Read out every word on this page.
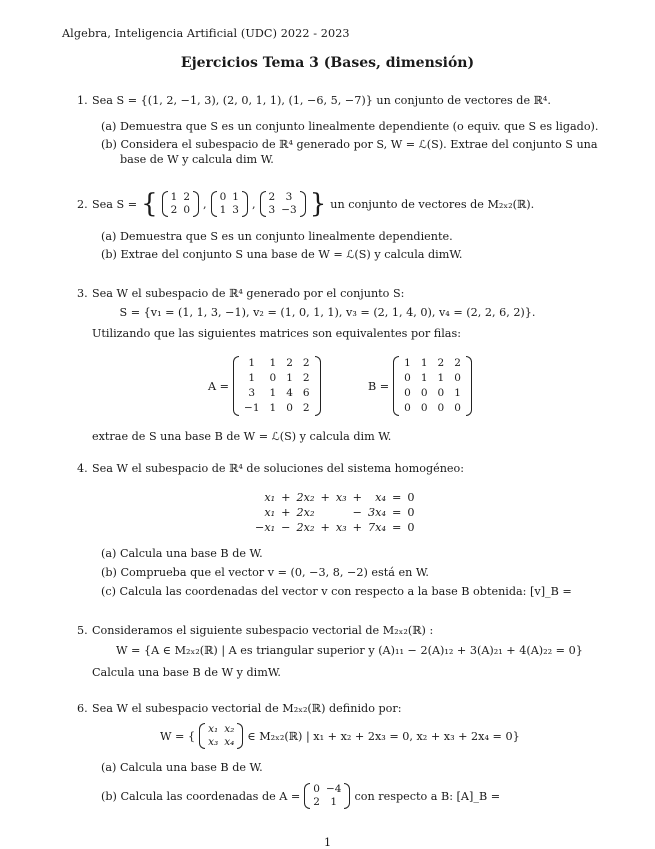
Algebra, Inteligencia Artificial (UDC) 2022 - 2023
Ejercicios Tema 3 (Bases, dimensión)
1. Sea S = {(1, 2, −1, 3), (2, 0, 1, 1), (1, −6, 5, −7)} un conjunto de vectores de ℝ⁴.
(a) Demuestra que S es un conjunto linealmente dependiente (o equiv. que S es ligado).
(b) Considera el subespacio de ℝ⁴ generado por S, W = ℒ(S). Extrae del conjunto S una
base de W y calcula dim W.
2. Sea S = { 1	2
2	0 ,
0	1
1	3 ,
2	3
3	−3 } un conjunto de vectores de M₂ₓ₂(ℝ).
(a) Demuestra que S es un conjunto linealmente dependiente.
(b) Extrae del conjunto S una base de W = ℒ(S) y calcula dimW.
3. Sea W el subespacio de ℝ⁴ generado por el conjunto S:
S = {v₁ = (1, 1, 3, −1), v₂ = (1, 0, 1, 1), v₃ = (2, 1, 4, 0), v₄ = (2, 2, 6, 2)}.
Utilizando que las siguientes matrices son equivalentes por filas:
A =
1	1	2	2
1	0	1	2
3	1	4	6
−1	1	0	2
B =
1	1	2	2
0	1	1	0
0	0	0	1
0	0	0	0
extrae de S una base B de W = ℒ(S) y calcula dim W.
4. Sea W el subespacio de ℝ⁴ de soluciones del sistema homogéneo:
x₁	+	2x₂	+	x₃	+	x₄	=	0
x₁	+	2x₂			−	3x₄	=	0
−x₁	−	2x₂	+	x₃	+	7x₄	=	0
(a) Calcula una base B de W.
(b) Comprueba que el vector v = (0, −3, 8, −2) está en W.
(c) Calcula las coordenadas del vector v con respecto a la base B obtenida: [v]_B =
5. Consideramos el siguiente subespacio vectorial de M₂ₓ₂(ℝ) :
W = {A ∈ M₂ₓ₂(ℝ) | A es triangular superior y (A)₁₁ − 2(A)₁₂ + 3(A)₂₁ + 4(A)₂₂ = 0}
Calcula una base B de W y dimW.
6. Sea W el subespacio vectorial de M₂ₓ₂(ℝ) definido por:
W = {
x₁	x₂
x₃	x₄ ∈ M₂ₓ₂(ℝ) | x₁ + x₂ + 2x₃ = 0, x₂ + x₃ + 2x₄ = 0}
(a) Calcula una base B de W.
(b) Calcula las coordenadas de A =
0	−4
2	1 con respecto a B: [A]_B =
1
